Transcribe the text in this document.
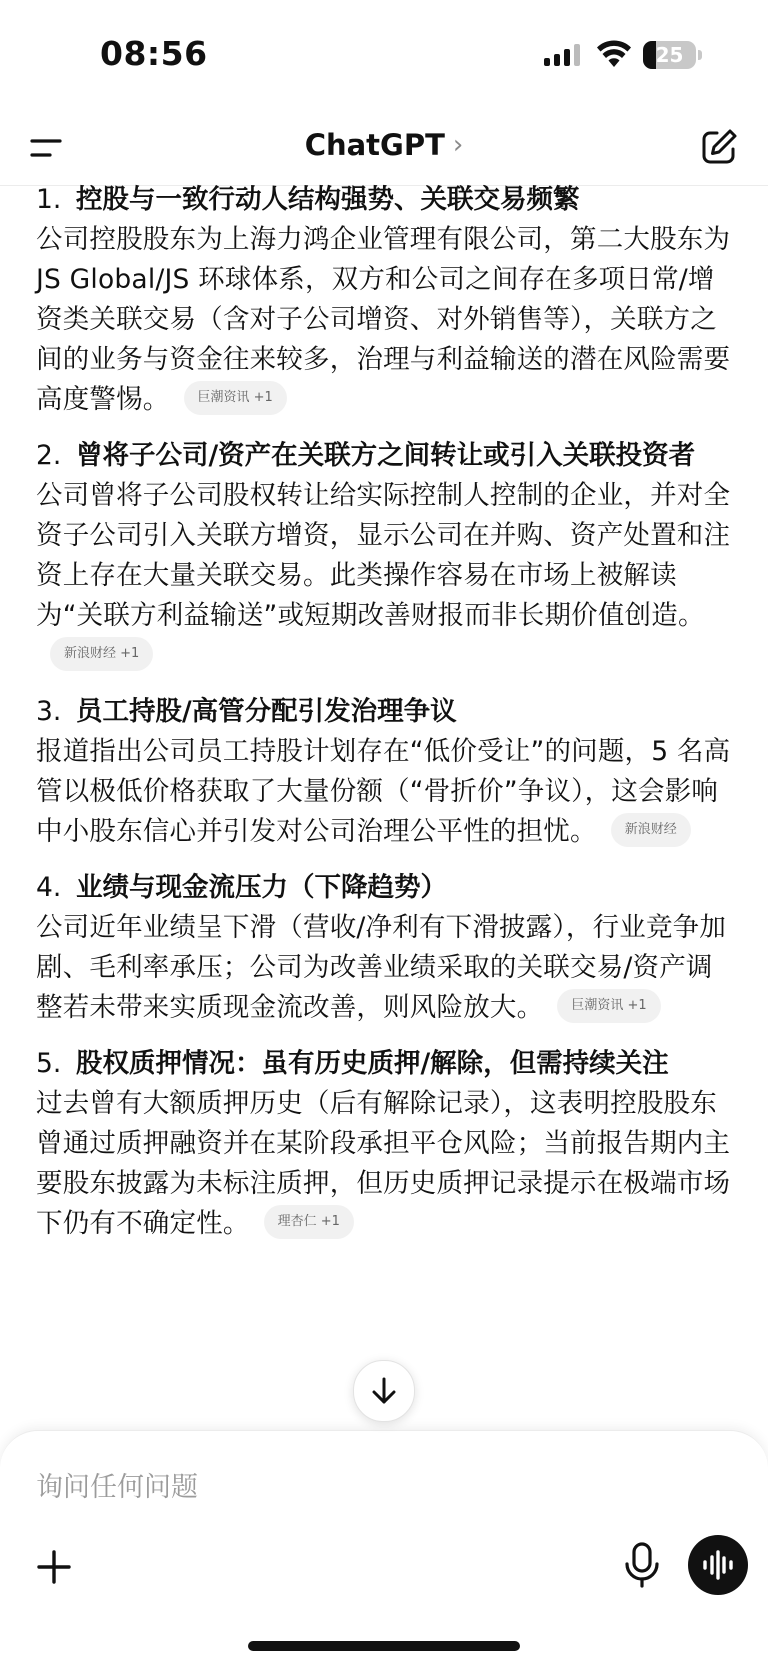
08:56	25
ChatGPT ›
1. 控股与一致行动人结构强势、关联交易频繁
公司控股股东为上海力鸿企业管理有限公司，第二大股东为 JS Global/JS 环球体系，双方和公司之间存在多项日常/增资类关联交易（含对子公司增资、对外销售等），关联方之间的业务与资金往来较多，治理与利益输送的潜在风险需要高度警惕。 巨潮资讯 +1
2. 曾将子公司/资产在关联方之间转让或引入关联投资者
公司曾将子公司股权转让给实际控制人控制的企业，并对全资子公司引入关联方增资，显示公司在并购、资产处置和注资上存在大量关联交易。此类操作容易在市场上被解读为“关联方利益输送”或短期改善财报而非长期价值创造。新浪财经 +1
3. 员工持股/高管分配引发治理争议
报道指出公司员工持股计划存在“低价受让”的问题，5 名高管以极低价格获取了大量份额（“骨折价”争议），这会影响中小股东信心并引发对公司治理公平性的担忧。 新浪财经
4. 业绩与现金流压力（下降趋势）
公司近年业绩呈下滑（营收/净利有下滑披露），行业竞争加剧、毛利率承压；公司为改善业绩采取的关联交易/资产调整若未带来实质现金流改善，则风险放大。 巨潮资讯 +1
5. 股权质押情况：虽有历史质押/解除，但需持续关注
过去曾有大额质押历史（后有解除记录），这表明控股股东曾通过质押融资并在某阶段承担平仓风险；当前报告期内主要股东披露为未标注质押，但历史质押记录提示在极端市场下仍有不确定性。 理杏仁 +1
询问任何问题
